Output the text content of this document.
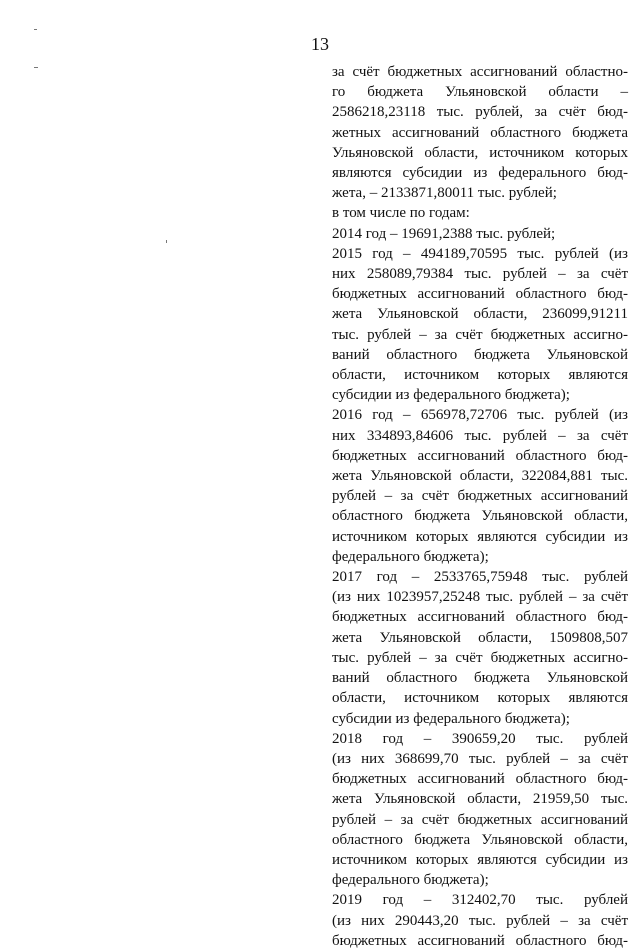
13
за счёт бюджетных ассигнований областно-
го бюджета Ульяновской области –
2586218,23118 тыс. рублей, за счёт бюд-
жетных ассигнований областного бюджета
Ульяновской области, источником которых
являются субсидии из федерального бюд-
жета, – 2133871,80011 тыс. рублей;
в том числе по годам:
2014 год – 19691,2388 тыс. рублей;
2015 год – 494189,70595 тыс. рублей (из
них 258089,79384 тыс. рублей – за счёт
бюджетных ассигнований областного бюд-
жета Ульяновской области, 236099,91211
тыс. рублей – за счёт бюджетных ассигно-
ваний областного бюджета Ульяновской
области, источником которых являются
субсидии из федерального бюджета);
2016 год – 656978,72706 тыс. рублей (из
них 334893,84606 тыс. рублей – за счёт
бюджетных ассигнований областного бюд-
жета Ульяновской области, 322084,881 тыс.
рублей – за счёт бюджетных ассигнований
областного бюджета Ульяновской области,
источником которых являются субсидии из
федерального бюджета);
2017 год – 2533765,75948 тыс. рублей
(из них 1023957,25248 тыс. рублей – за счёт
бюджетных ассигнований областного бюд-
жета Ульяновской области, 1509808,507
тыс. рублей – за счёт бюджетных ассигно-
ваний областного бюджета Ульяновской
области, источником которых являются
субсидии из федерального бюджета);
2018 год – 390659,20 тыс. рублей
(из них 368699,70 тыс. рублей – за счёт
бюджетных ассигнований областного бюд-
жета Ульяновской области, 21959,50 тыс.
рублей – за счёт бюджетных ассигнований
областного бюджета Ульяновской области,
источником которых являются субсидии из
федерального бюджета);
2019 год – 312402,70 тыс. рублей
(из них 290443,20 тыс. рублей – за счёт
бюджетных ассигнований областного бюд-
